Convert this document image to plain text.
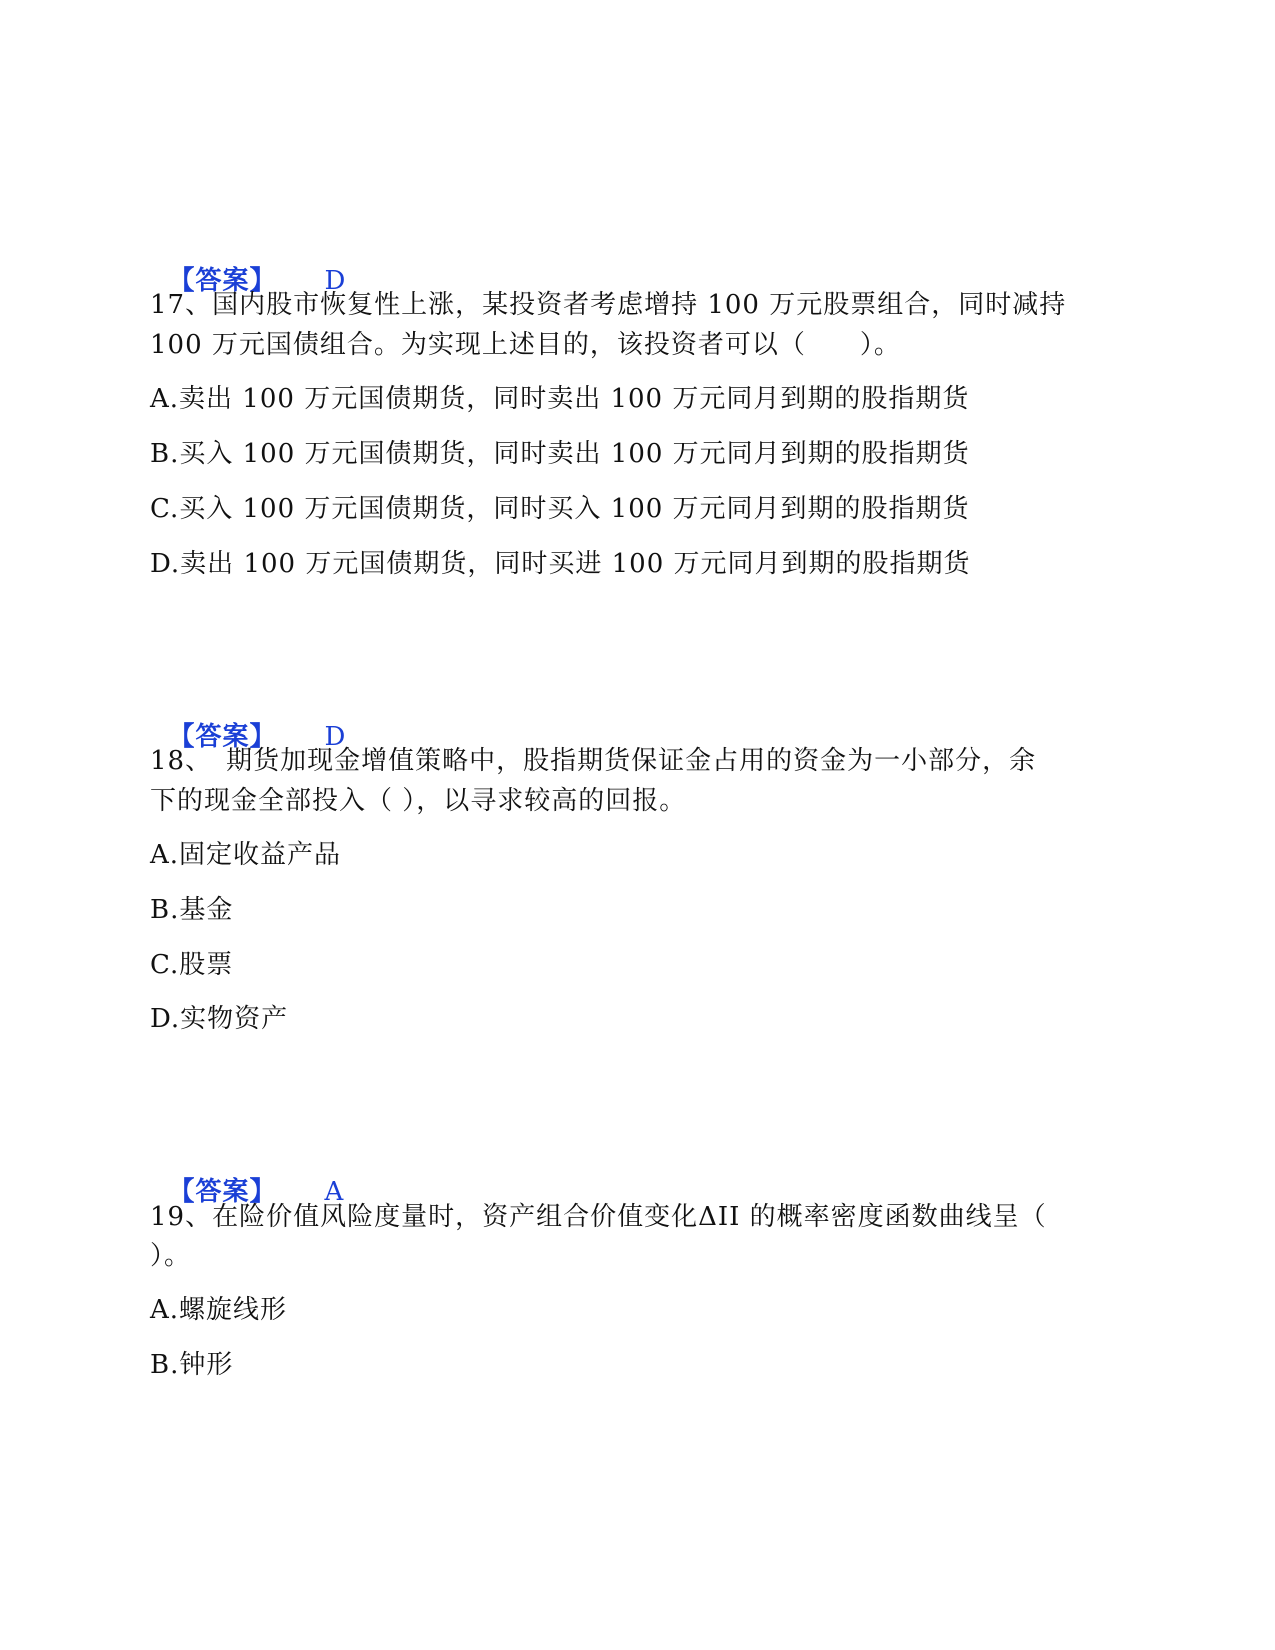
【答案】 D

17、国内股市恢复性上涨，某投资者考虑增持 100 万元股票组合，同时减持
100 万元国债组合。为实现上述目的，该投资者可以（　　）。
A.卖出 100 万元国债期货，同时卖出 100 万元同月到期的股指期货
B.买入 100 万元国债期货，同时卖出 100 万元同月到期的股指期货
C.买入 100 万元国债期货，同时买入 100 万元同月到期的股指期货
D.卖出 100 万元国债期货，同时买进 100 万元同月到期的股指期货

【答案】 D

18、　期货加现金增值策略中，股指期货保证金占用的资金为一小部分，余
下的现金全部投入（ ），以寻求较高的回报。
A.固定收益产品
B.基金
C.股票
D.实物资产

【答案】 A

19、在险价值风险度量时，资产组合价值变化ΔII 的概率密度函数曲线呈（
）。
A.螺旋线形
B.钟形
